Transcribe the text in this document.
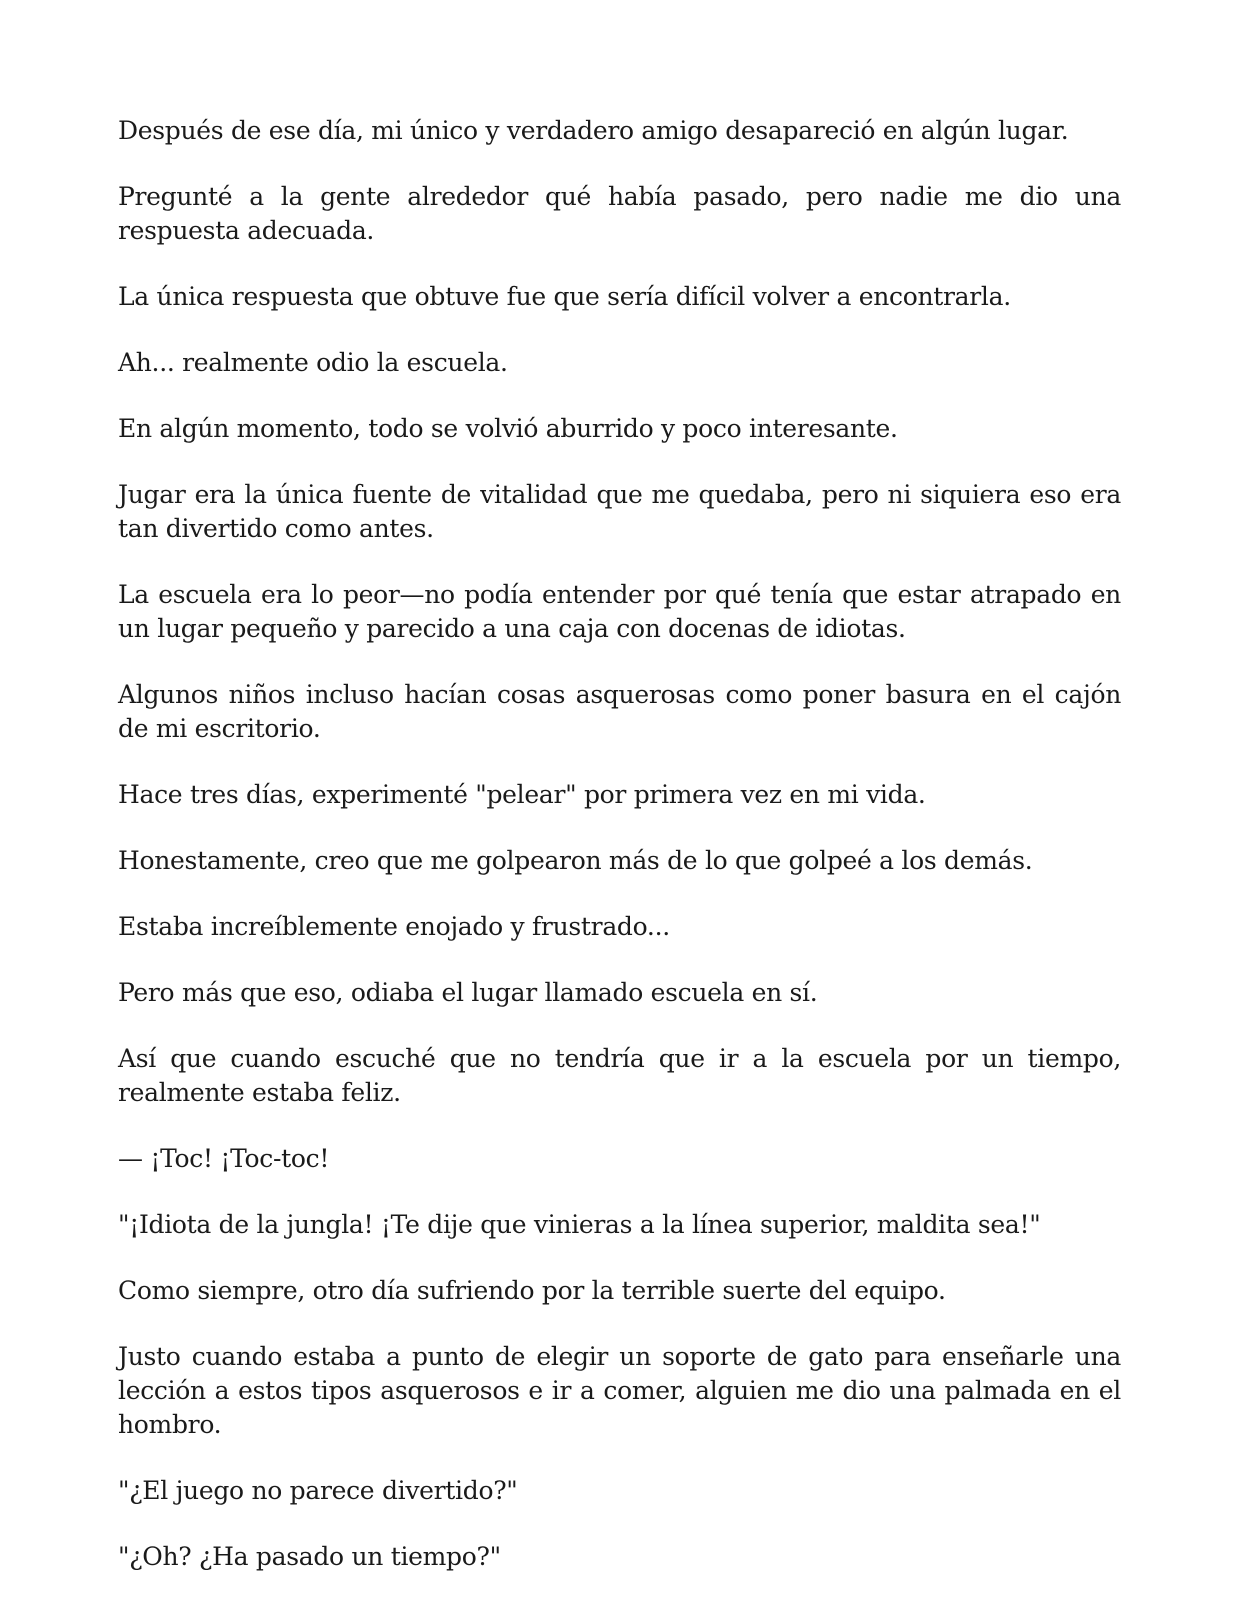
Después de ese día, mi único y verdadero amigo desapareció en algún lugar.

Pregunté a la gente alrededor qué había pasado, pero nadie me dio una respuesta adecuada.

La única respuesta que obtuve fue que sería difícil volver a encontrarla.

Ah... realmente odio la escuela.

En algún momento, todo se volvió aburrido y poco interesante.

Jugar era la única fuente de vitalidad que me quedaba, pero ni siquiera eso era tan divertido como antes.

La escuela era lo peor—no podía entender por qué tenía que estar atrapado en un lugar pequeño y parecido a una caja con docenas de idiotas.

Algunos niños incluso hacían cosas asquerosas como poner basura en el cajón de mi escritorio.

Hace tres días, experimenté "pelear" por primera vez en mi vida.

Honestamente, creo que me golpearon más de lo que golpeé a los demás.

Estaba increíblemente enojado y frustrado...

Pero más que eso, odiaba el lugar llamado escuela en sí.

Así que cuando escuché que no tendría que ir a la escuela por un tiempo, realmente estaba feliz.

— ¡Toc! ¡Toc-toc!

"¡Idiota de la jungla! ¡Te dije que vinieras a la línea superior, maldita sea!"

Como siempre, otro día sufriendo por la terrible suerte del equipo.

Justo cuando estaba a punto de elegir un soporte de gato para enseñarle una lección a estos tipos asquerosos e ir a comer, alguien me dio una palmada en el hombro.

"¿El juego no parece divertido?"

"¿Oh? ¿Ha pasado un tiempo?"
